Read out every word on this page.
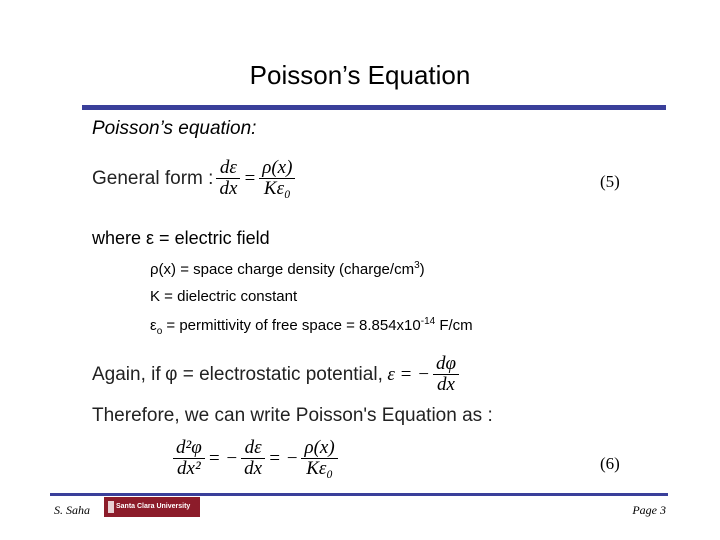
Poisson’s Equation
Poisson’s equation:
General form : $\frac{d\varepsilon}{dx} = \frac{\rho(x)}{\text{Kε₀}}$	(5)
where ε = electric field
ρ(x) = space charge density $(charge/cm^3)$
K = dielectric constant
$\varepsilon_o$ = permittivity of free space = $8.854x10^{-14}$ F/cm
Again, if
φ = electrostatic potential,
ε = − $\frac{d\varphi}{dx}$
Therefore, we can write Poisson's Equation as :
$\frac{\text{d²φ}}{\text{dx²}}$ = − $\frac{d\varepsilon}{dx}$ = − $\frac{\rho(x)}{\text{Kε₀}}$	(6)
S. Saha	Santa Clara University	Page 3
